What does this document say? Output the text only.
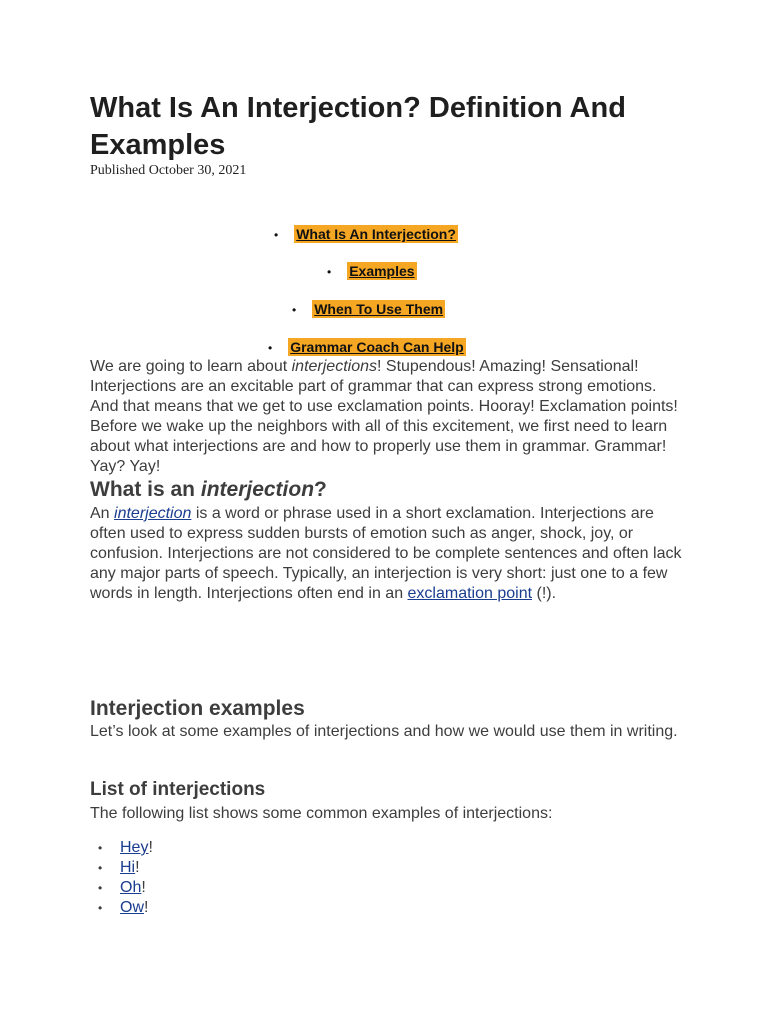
What Is An Interjection? Definition And Examples
Published October 30, 2021
• What Is An Interjection?
• Examples
• When To Use Them
• Grammar Coach Can Help

We are going to learn about interjections! Stupendous! Amazing! Sensational! Interjections are an excitable part of grammar that can express strong emotions. And that means that we get to use exclamation points. Hooray! Exclamation points! Before we wake up the neighbors with all of this excitement, we first need to learn about what interjections are and how to properly use them in grammar. Grammar! Yay? Yay!

What is an interjection?

An interjection is a word or phrase used in a short exclamation. Interjections are often used to express sudden bursts of emotion such as anger, shock, joy, or confusion. Interjections are not considered to be complete sentences and often lack any major parts of speech. Typically, an interjection is very short: just one to a few words in length. Interjections often end in an exclamation point (!).

Interjection examples

Let’s look at some examples of interjections and how we would use them in writing.

List of interjections

The following list shows some common examples of interjections:

• Hey!
• Hi!
• Oh!
• Ow!
